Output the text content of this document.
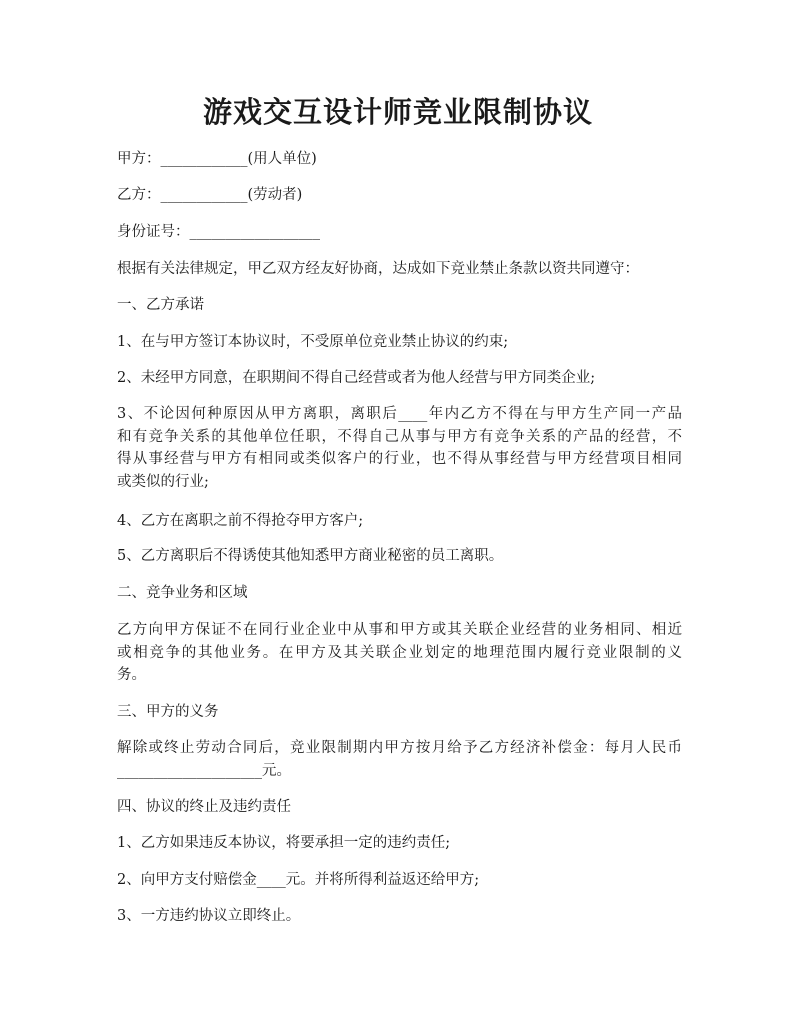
游戏交互设计师竞业限制协议
甲方：____________(用人单位)
乙方：____________(劳动者)
身份证号：__________________
根据有关法律规定，甲乙双方经友好协商，达成如下竞业禁止条款以资共同遵守：
一、乙方承诺
1、在与甲方签订本协议时，不受原单位竞业禁止协议的约束;
2、未经甲方同意，在职期间不得自己经营或者为他人经营与甲方同类企业;
3、不论因何种原因从甲方离职，离职后____年内乙方不得在与甲方生产同一产品
和有竞争关系的其他单位任职，不得自己从事与甲方有竞争关系的产品的经营，不
得从事经营与甲方有相同或类似客户的行业，也不得从事经营与甲方经营项目相同
或类似的行业;
4、乙方在离职之前不得抢夺甲方客户;
5、乙方离职后不得诱使其他知悉甲方商业秘密的员工离职。
二、竞争业务和区域
乙方向甲方保证不在同行业企业中从事和甲方或其关联企业经营的业务相同、相近
或相竞争的其他业务。在甲方及其关联企业划定的地理范围内履行竞业限制的义
务。
三、甲方的义务
解除或终止劳动合同后，竞业限制期内甲方按月给予乙方经济补偿金：每月人民币
____________________元。
四、协议的终止及违约责任
1、乙方如果违反本协议，将要承担一定的违约责任;
2、向甲方支付赔偿金____元。并将所得利益返还给甲方;
3、一方违约协议立即终止。
